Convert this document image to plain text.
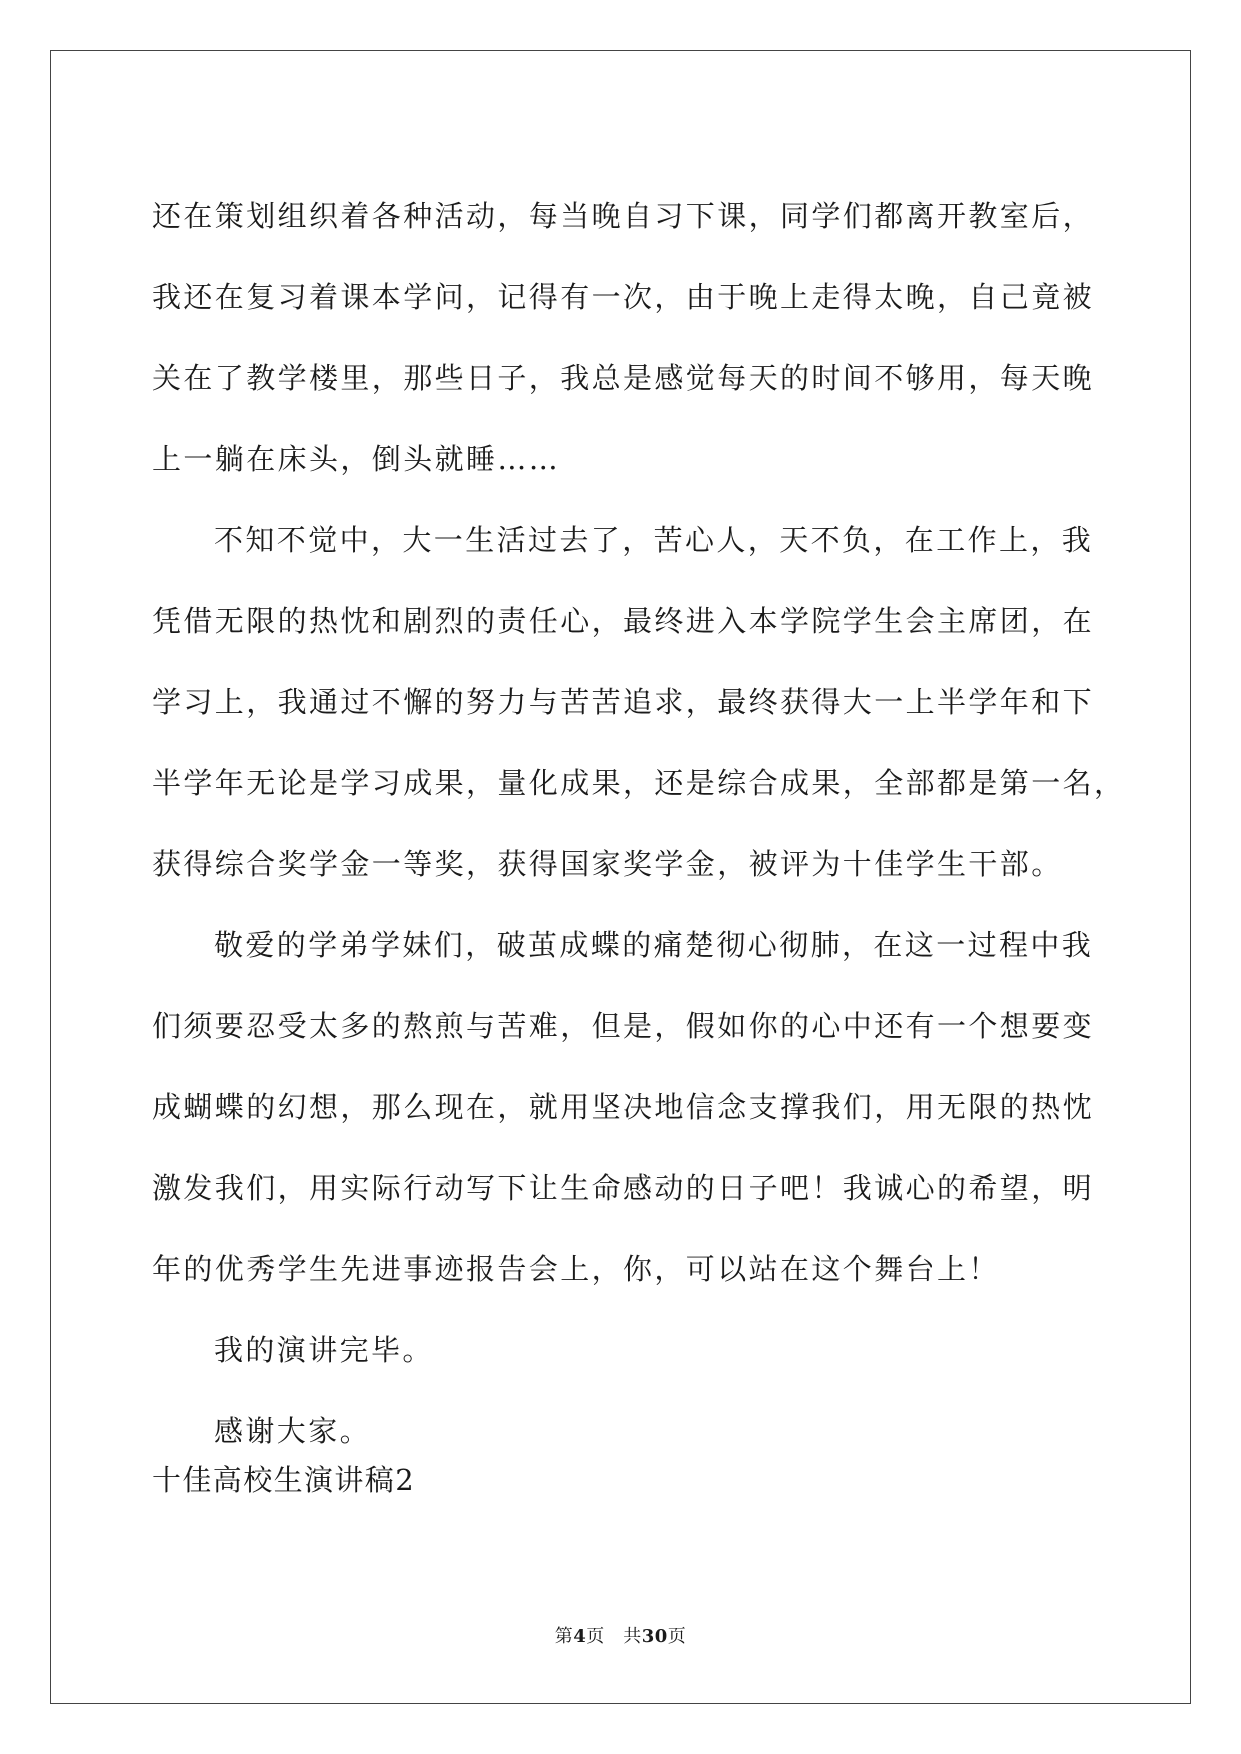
还在策划组织着各种活动，每当晚自习下课，同学们都离开教室后，
我还在复习着课本学问，记得有一次，由于晚上走得太晚，自己竟被
关在了教学楼里，那些日子，我总是感觉每天的时间不够用，每天晚
上一躺在床头，倒头就睡……
不知不觉中，大一生活过去了，苦心人，天不负，在工作上，我
凭借无限的热忱和剧烈的责任心，最终进入本学院学生会主席团，在
学习上，我通过不懈的努力与苦苦追求，最终获得大一上半学年和下
半学年无论是学习成果，量化成果，还是综合成果，全部都是第一名，
获得综合奖学金一等奖，获得国家奖学金，被评为十佳学生干部。
敬爱的学弟学妹们，破茧成蝶的痛楚彻心彻肺，在这一过程中我
们须要忍受太多的熬煎与苦难，但是，假如你的心中还有一个想要变
成蝴蝶的幻想，那么现在，就用坚决地信念支撑我们，用无限的热忱
激发我们，用实际行动写下让生命感动的日子吧！我诚心的希望，明
年的优秀学生先进事迹报告会上，你，可以站在这个舞台上！
我的演讲完毕。
感谢大家。
十佳高校生演讲稿2
第4页　共30页
